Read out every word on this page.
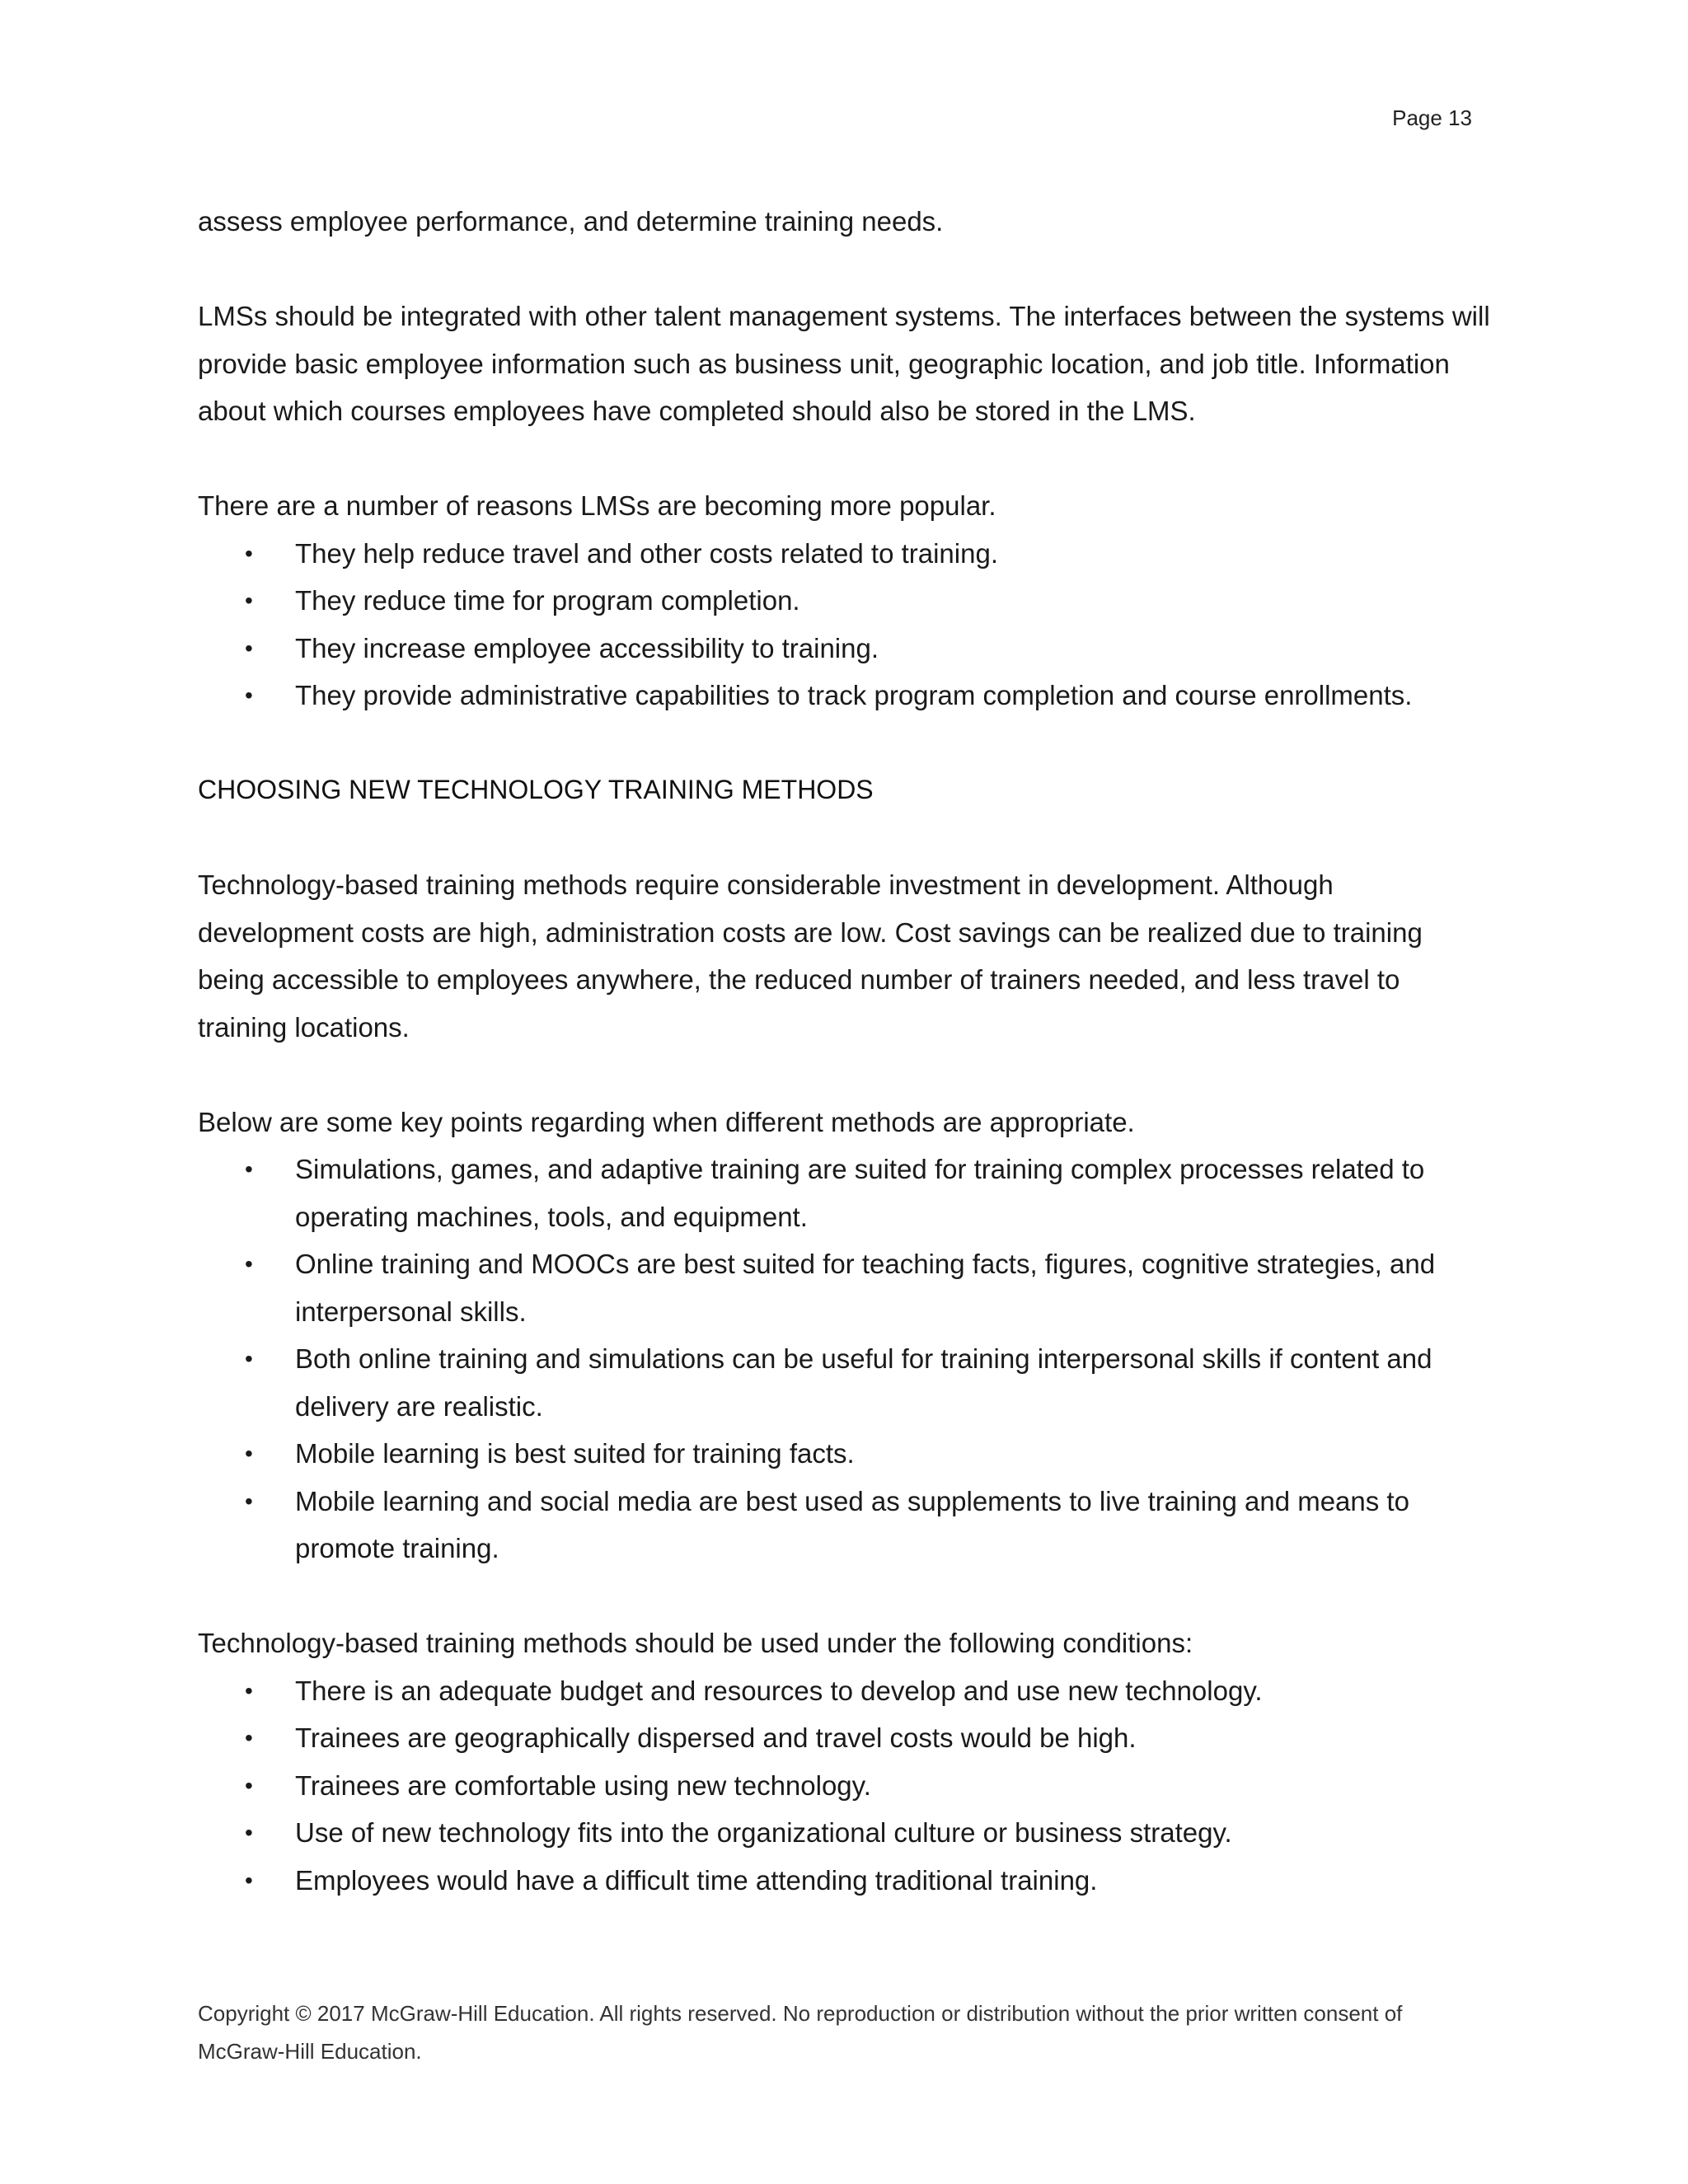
Page 13

assess employee performance, and determine training needs.

LMSs should be integrated with other talent management systems. The interfaces between the systems will provide basic employee information such as business unit, geographic location, and job title. Information about which courses employees have completed should also be stored in the LMS.

There are a number of reasons LMSs are becoming more popular.

• They help reduce travel and other costs related to training.
• They reduce time for program completion.
• They increase employee accessibility to training.
• They provide administrative capabilities to track program completion and course enrollments.
CHOOSING NEW TECHNOLOGY TRAINING METHODS

Technology-based training methods require considerable investment in development. Although development costs are high, administration costs are low. Cost savings can be realized due to training being accessible to employees anywhere, the reduced number of trainers needed, and less travel to training locations.

Below are some key points regarding when different methods are appropriate.

• Simulations, games, and adaptive training are suited for training complex processes related to operating machines, tools, and equipment.
• Online training and MOOCs are best suited for teaching facts, figures, cognitive strategies, and interpersonal skills.
• Both online training and simulations can be useful for training interpersonal skills if content and delivery are realistic.
• Mobile learning is best suited for training facts.
• Mobile learning and social media are best used as supplements to live training and means to promote training.

Technology-based training methods should be used under the following conditions:

• There is an adequate budget and resources to develop and use new technology.
• Trainees are geographically dispersed and travel costs would be high.
• Trainees are comfortable using new technology.
• Use of new technology fits into the organizational culture or business strategy.
• Employees would have a difficult time attending traditional training.
Copyright © 2017 McGraw-Hill Education. All rights reserved. No reproduction or distribution without the prior written consent of McGraw-Hill Education.
